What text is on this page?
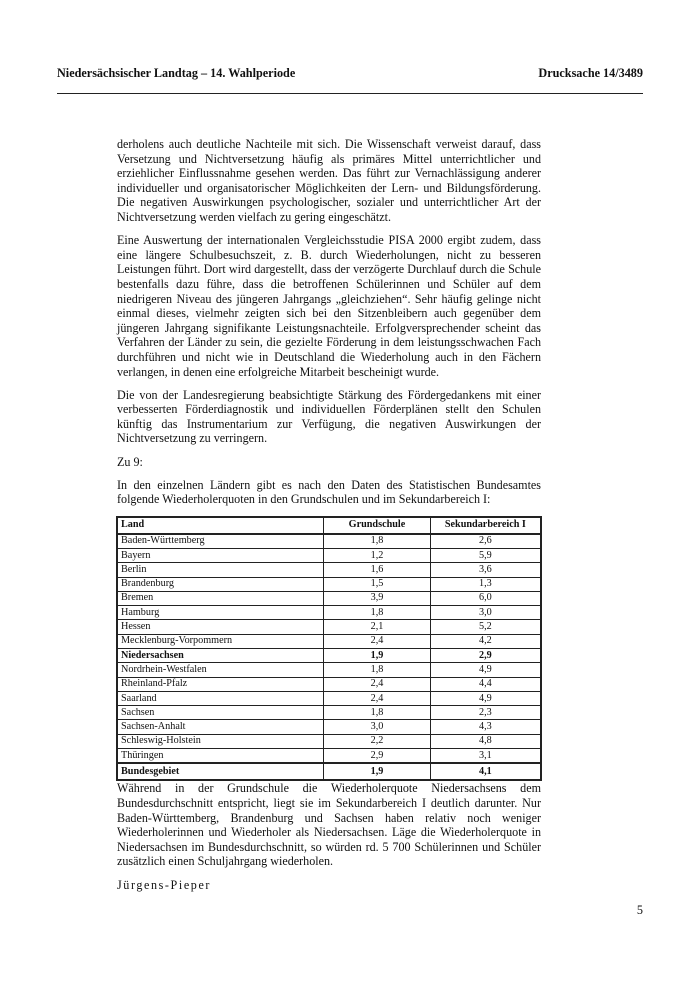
Niedersächsischer Landtag – 14. Wahlperiode	Drucksache 14/3489

derholens auch deutliche Nachteile mit sich. Die Wissenschaft verweist darauf, dass Versetzung und Nichtversetzung häufig als primäres Mittel unterrichtlicher und erziehlicher Einflussnahme gesehen werden. Das führt zur Vernachlässigung anderer individueller und organisatorischer Möglichkeiten der Lern- und Bildungsförderung. Die negativen Auswirkungen psychologischer, sozialer und unterrichtlicher Art der Nichtversetzung werden vielfach zu gering eingeschätzt.

Eine Auswertung der internationalen Vergleichsstudie PISA 2000 ergibt zudem, dass eine längere Schulbesuchszeit, z. B. durch Wiederholungen, nicht zu besseren Leistungen führt. Dort wird dargestellt, dass der verzögerte Durchlauf durch die Schule bestenfalls dazu führe, dass die betroffenen Schülerinnen und Schüler auf dem niedrigeren Niveau des jüngeren Jahrgangs „gleichziehen“. Sehr häufig gelinge nicht einmal dieses, vielmehr zeigten sich bei den Sitzenbleibern auch gegenüber dem jüngeren Jahrgang signifikante Leistungsnachteile. Erfolgversprechender scheint das Verfahren der Länder zu sein, die gezielte Förderung in dem leistungsschwachen Fach durchführen und nicht wie in Deutschland die Wiederholung auch in den Fächern verlangen, in denen eine erfolgreiche Mitarbeit bescheinigt wurde.

Die von der Landesregierung beabsichtigte Stärkung des Fördergedankens mit einer verbesserten Förderdiagnostik und individuellen Förderplänen stellt den Schulen künftig das Instrumentarium zur Verfügung, die negativen Auswirkungen der Nichtversetzung zu verringern.

Zu 9:

In den einzelnen Ländern gibt es nach den Daten des Statistischen Bundesamtes folgende Wiederholerquoten in den Grundschulen und im Sekundarbereich I:

Land	Grundschule	Sekundarbereich I
Baden-Württemberg	1,8	2,6
Bayern	1,2	5,9
Berlin	1,6	3,6
Brandenburg	1,5	1,3
Bremen	3,9	6,0
Hamburg	1,8	3,0
Hessen	2,1	5,2
Mecklenburg-Vorpommern	2,4	4,2
Niedersachsen	1,9	2,9
Nordrhein-Westfalen	1,8	4,9
Rheinland-Pfalz	2,4	4,4
Saarland	2,4	4,9
Sachsen	1,8	2,3
Sachsen-Anhalt	3,0	4,3
Schleswig-Holstein	2,2	4,8
Thüringen	2,9	3,1
Bundesgebiet	1,9	4,1

Während in der Grundschule die Wiederholerquote Niedersachsens dem Bundesdurchschnitt entspricht, liegt sie im Sekundarbereich I deutlich darunter. Nur Baden-Württemberg, Brandenburg und Sachsen haben relativ noch weniger Wiederholerinnen und Wiederholer als Niedersachsen. Läge die Wiederholerquote in Niedersachsen im Bundesdurchschnitt, so würden rd. 5 700 Schülerinnen und Schüler zusätzlich einen Schuljahrgang wiederholen.

Jürgens-Pieper

5
